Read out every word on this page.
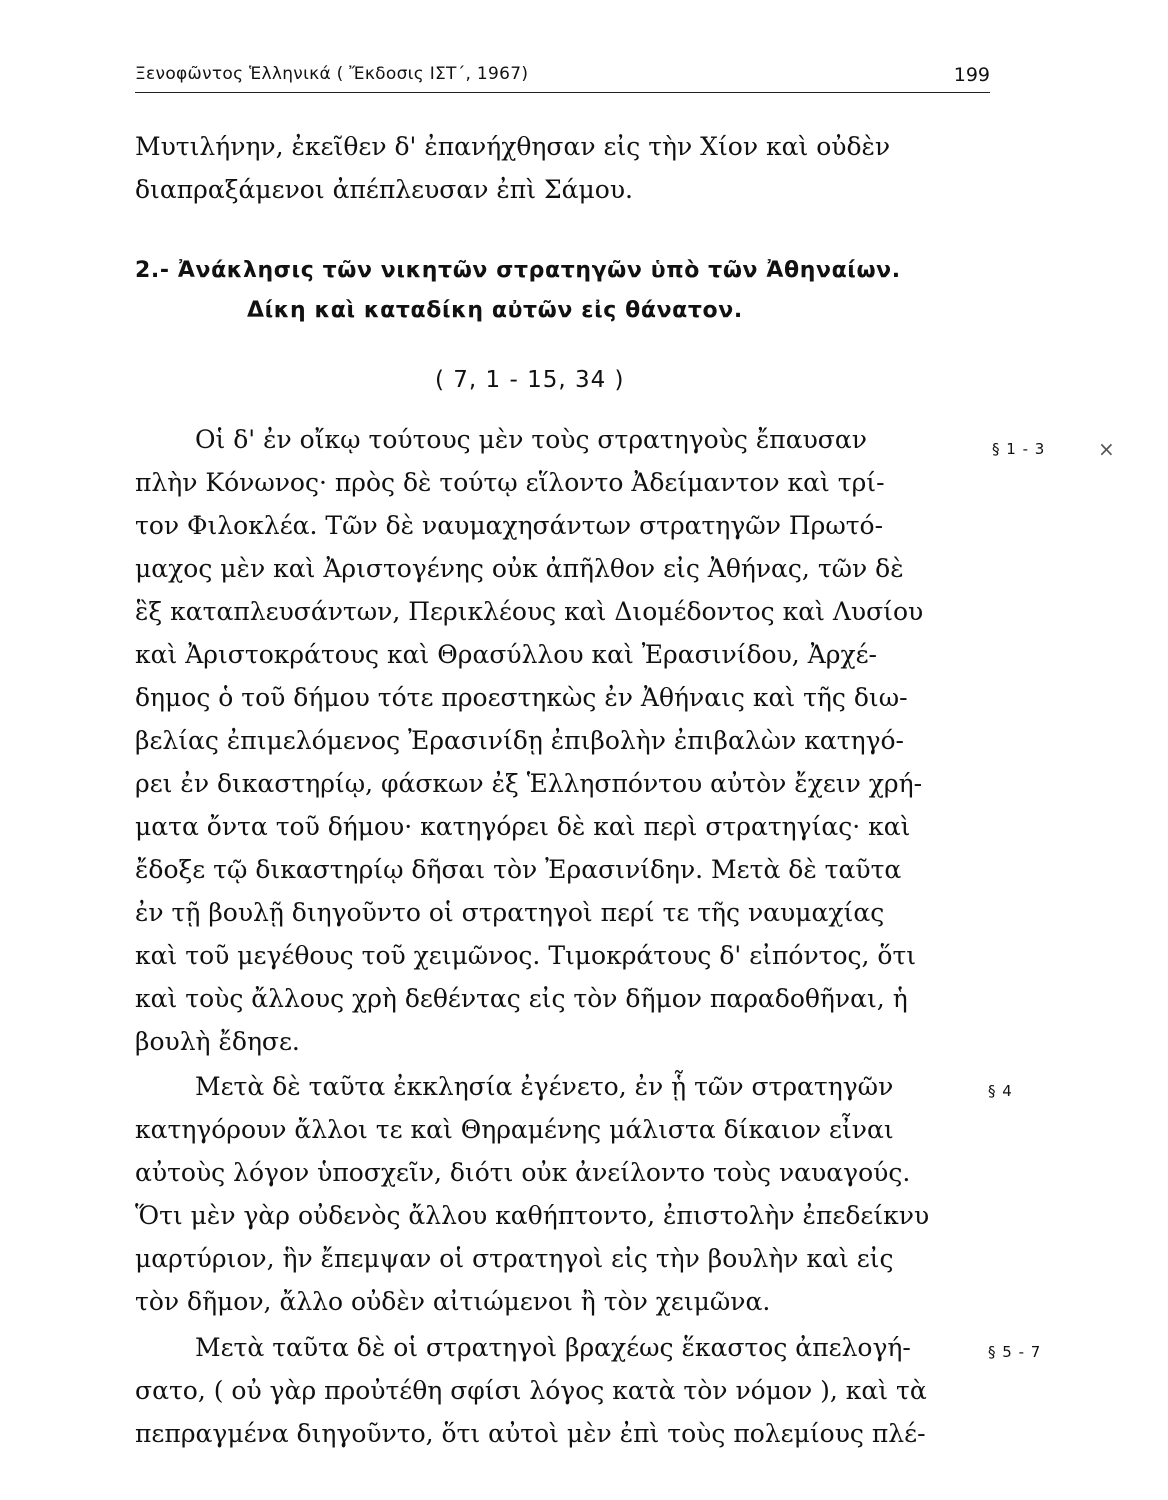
Ξενοφῶντος Ἑλληνικά ( Ἔκδοσις ΙΣΤ΄, 1967)	199
Μυτιλήνην, ἐκεῖθεν δ' ἐπανήχθησαν εἰς τὴν Χίον καὶ οὐδὲν
διαπραξάμενοι ἀπέπλευσαν ἐπὶ Σάμου.
2.- Ἀνάκλησις τῶν νικητῶν στρατηγῶν ὑπὸ τῶν Ἀθηναίων.
Δίκη καὶ καταδίκη αὐτῶν εἰς θάνατον.
( 7, 1 - 15, 34 )
Οἱ δ' ἐν οἴκῳ τούτους μὲν τοὺς στρατηγοὺς ἔπαυσαν
πλὴν Κόνωνος· πρὸς δὲ τούτῳ εἵλοντο Ἀδείμαντον καὶ τρί-
τον Φιλοκλέα. Τῶν δὲ ναυμαχησάντων στρατηγῶν Πρωτό-
μαχος μὲν καὶ Ἀριστογένης οὐκ ἀπῆλθον εἰς Ἀθήνας, τῶν δὲ
ἓξ καταπλευσάντων, Περικλέους καὶ Διομέδοντος καὶ Λυσίου
καὶ Ἀριστοκράτους καὶ Θρασύλλου καὶ Ἐρασινίδου, Ἀρχέ-
δημος ὁ τοῦ δήμου τότε προεστηκὼς ἐν Ἀθήναις καὶ τῆς διω-
βελίας ἐπιμελόμενος Ἐρασινίδῃ ἐπιβολὴν ἐπιβαλὼν κατηγό-
ρει ἐν δικαστηρίῳ, φάσκων ἐξ Ἑλλησπόντου αὐτὸν ἔχειν χρή-
ματα ὄντα τοῦ δήμου· κατηγόρει δὲ καὶ περὶ στρατηγίας· καὶ
ἔδοξε τῷ δικαστηρίῳ δῆσαι τὸν Ἐρασινίδην. Μετὰ δὲ ταῦτα
ἐν τῇ βουλῇ διηγοῦντο οἱ στρατηγοὶ περί τε τῆς ναυμαχίας
καὶ τοῦ μεγέθους τοῦ χειμῶνος. Τιμοκράτους δ' εἰπόντος, ὅτι
καὶ τοὺς ἄλλους χρὴ δεθέντας εἰς τὸν δῆμον παραδοθῆναι, ἡ
βουλὴ ἔδησε.
Μετὰ δὲ ταῦτα ἐκκλησία ἐγένετο, ἐν ᾗ τῶν στρατηγῶν
κατηγόρουν ἄλλοι τε καὶ Θηραμένης μάλιστα δίκαιον εἶναι
αὐτοὺς λόγον ὑποσχεῖν, διότι οὐκ ἀνείλοντο τοὺς ναυαγούς.
Ὅτι μὲν γὰρ οὐδενὸς ἄλλου καθήπτοντο, ἐπιστολὴν ἐπεδείκνυ
μαρτύριον, ἣν ἔπεμψαν οἱ στρατηγοὶ εἰς τὴν βουλὴν καὶ εἰς
τὸν δῆμον, ἄλλο οὐδὲν αἰτιώμενοι ἢ τὸν χειμῶνα.
Μετὰ ταῦτα δὲ οἱ στρατηγοὶ βραχέως ἕκαστος ἀπελογή-
σατο, ( οὐ γὰρ προὐτέθη σφίσι λόγος κατὰ τὸν νόμον ), καὶ τὰ
πεπραγμένα διηγοῦντο, ὅτι αὐτοὶ μὲν ἐπὶ τοὺς πολεμίους πλέ-
§ 1 - 3	×
§ 4
§ 5 - 7
